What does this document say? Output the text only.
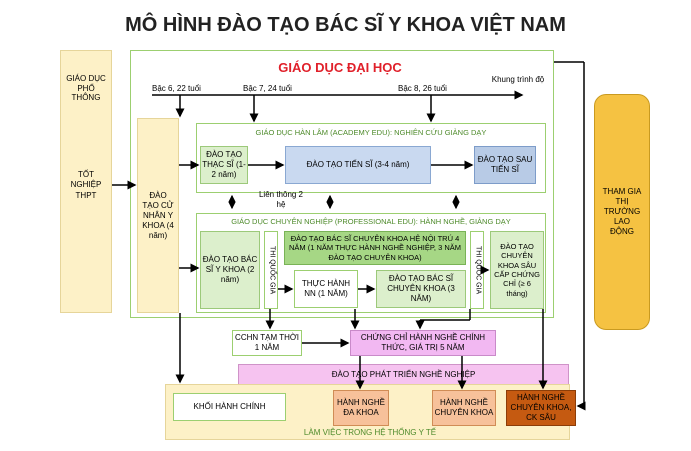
MÔ HÌNH ĐÀO TẠO BÁC SĨ Y KHOA VIỆT NAM
GIÁO DỤC ĐẠI HỌC
Bậc 6, 22 tuổi	Bậc 7, 24 tuổi	Bậc 8, 26 tuổi
Khung trình độ
GIÁO DỤC PHỔ THÔNG
TỐT NGHIỆP THPT	ĐÀO TẠO CỬ NHÂN Y KHOA (4 năm)
GIÁO DỤC HÀN LÂM (ACADEMY EDU): NGHIÊN CỨU GIẢNG DẠY
ĐÀO TẠO THẠC SĨ (1-2 năm)
ĐÀO TẠO TIẾN SĨ (3-4 năm)
ĐÀO TẠO SAU TIẾN SĨ
Liên thông 2 hệ
GIÁO DỤC CHUYÊN NGHIỆP (PROFESSIONAL EDU): HÀNH NGHỀ, GIẢNG DẠY
ĐÀO TẠO BÁC SĨ Y KHOA (2 năm)	THI QUỐC GIA
ĐÀO TẠO BÁC SĨ CHUYÊN KHOA HỆ NỘI TRÚ 4 NĂM (1 NĂM THỰC HÀNH NGHỀ NGHIỆP, 3 NĂM ĐÀO TẠO CHUYÊN KHOA)
THỰC HÀNH NN (1 NĂM)
ĐÀO TẠO BÁC SĨ CHUYÊN KHOA (3 NĂM)
THI QUỐC GIA	ĐÀO TẠO CHUYÊN KHOA SÂU CẤP CHỨNG CHỈ (≥ 6 tháng)
THAM GIA THỊ TRƯỜNG LAO ĐỘNG
CCHN TẠM THỜI 1 NĂM
CHỨNG CHỈ HÀNH NGHỀ CHÍNH THỨC, GIÁ TRỊ 5 NĂM
ĐÀO TẠO PHÁT TRIỂN NGHỀ NGHIỆP
LÀM VIỆC TRONG HỆ THỐNG Y TẾ
KHỐI HÀNH CHÍNH	HÀNH NGHỀ ĐA KHOA
HÀNH NGHỀ CHUYÊN KHOA
HÀNH NGHỀ CHUYÊN KHOA, CK SÂU
